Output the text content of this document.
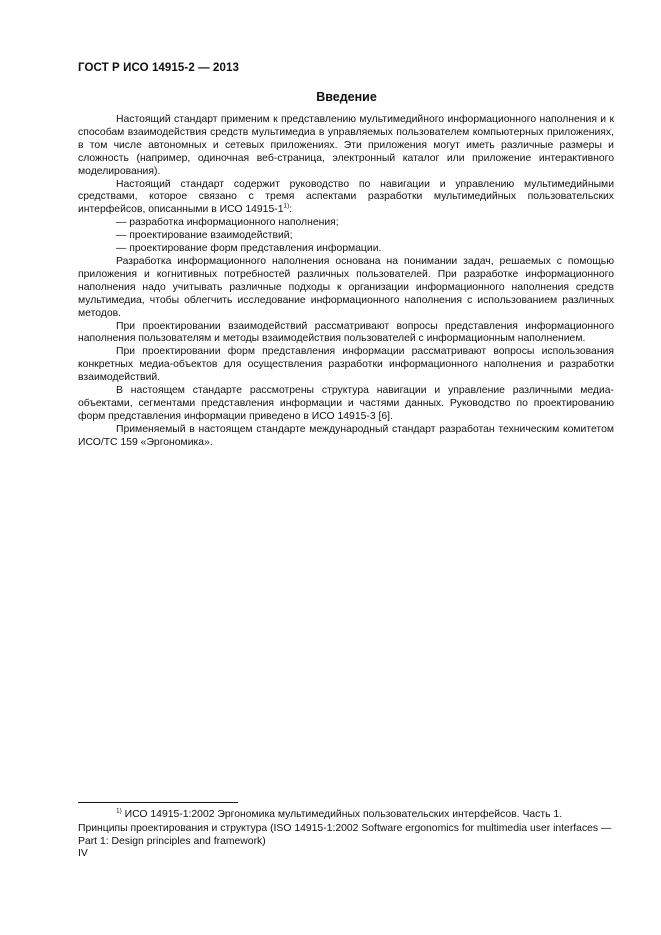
ГОСТ Р ИСО 14915-2 — 2013
Введение

Настоящий стандарт применим к представлению мультимедийного информационного наполнения и к способам взаимодействия средств мультимедиа в управляемых пользователем компьютерных приложениях, в том числе автономных и сетевых приложениях. Эти приложения могут иметь различные размеры и сложность (например, одиночная веб-страница, электронный каталог или приложение интерактивного моделирования).

Настоящий стандарт содержит руководство по навигации и управлению мультимедийными средствами, которое связано с тремя аспектами разработки мультимедийных пользовательских интерфейсов, описанными в ИСО 14915-1$^{1)}$:

— разработка информационного наполнения;

— проектирование взаимодействий;

— проектирование форм представления информации.

Разработка информационного наполнения основана на понимании задач, решаемых с помощью приложения и когнитивных потребностей различных пользователей. При разработке информационного наполнения надо учитывать различные подходы к организации информационного наполнения средств мультимедиа, чтобы облегчить исследование информационного наполнения с использованием различных методов.

При проектировании взаимодействий рассматривают вопросы представления информационного наполнения пользователям и методы взаимодействия пользователей с информационным наполнением.

При проектировании форм представления информации рассматривают вопросы использования конкретных медиа-объектов для осуществления разработки информационного наполнения и разработки взаимодействий.

В настоящем стандарте рассмотрены структура навигации и управление различными медиа-объектами, сегментами представления информации и частями данных. Руководство по проектированию форм представления информации приведено в ИСО 14915-3 [6].

Применяемый в настоящем стандарте международный стандарт разработан техническим комитетом ИСО/ТС 159 «Эргономика».

$^{1)}$ ИСО 14915-1:2002 Эргономика мультимедийных пользовательских интерфейсов. Часть 1. Принципы проектирования и структура (ISO 14915-1:2002 Software ergonomics for multimedia user interfaces — Part 1: Design principles and framework)

IV
